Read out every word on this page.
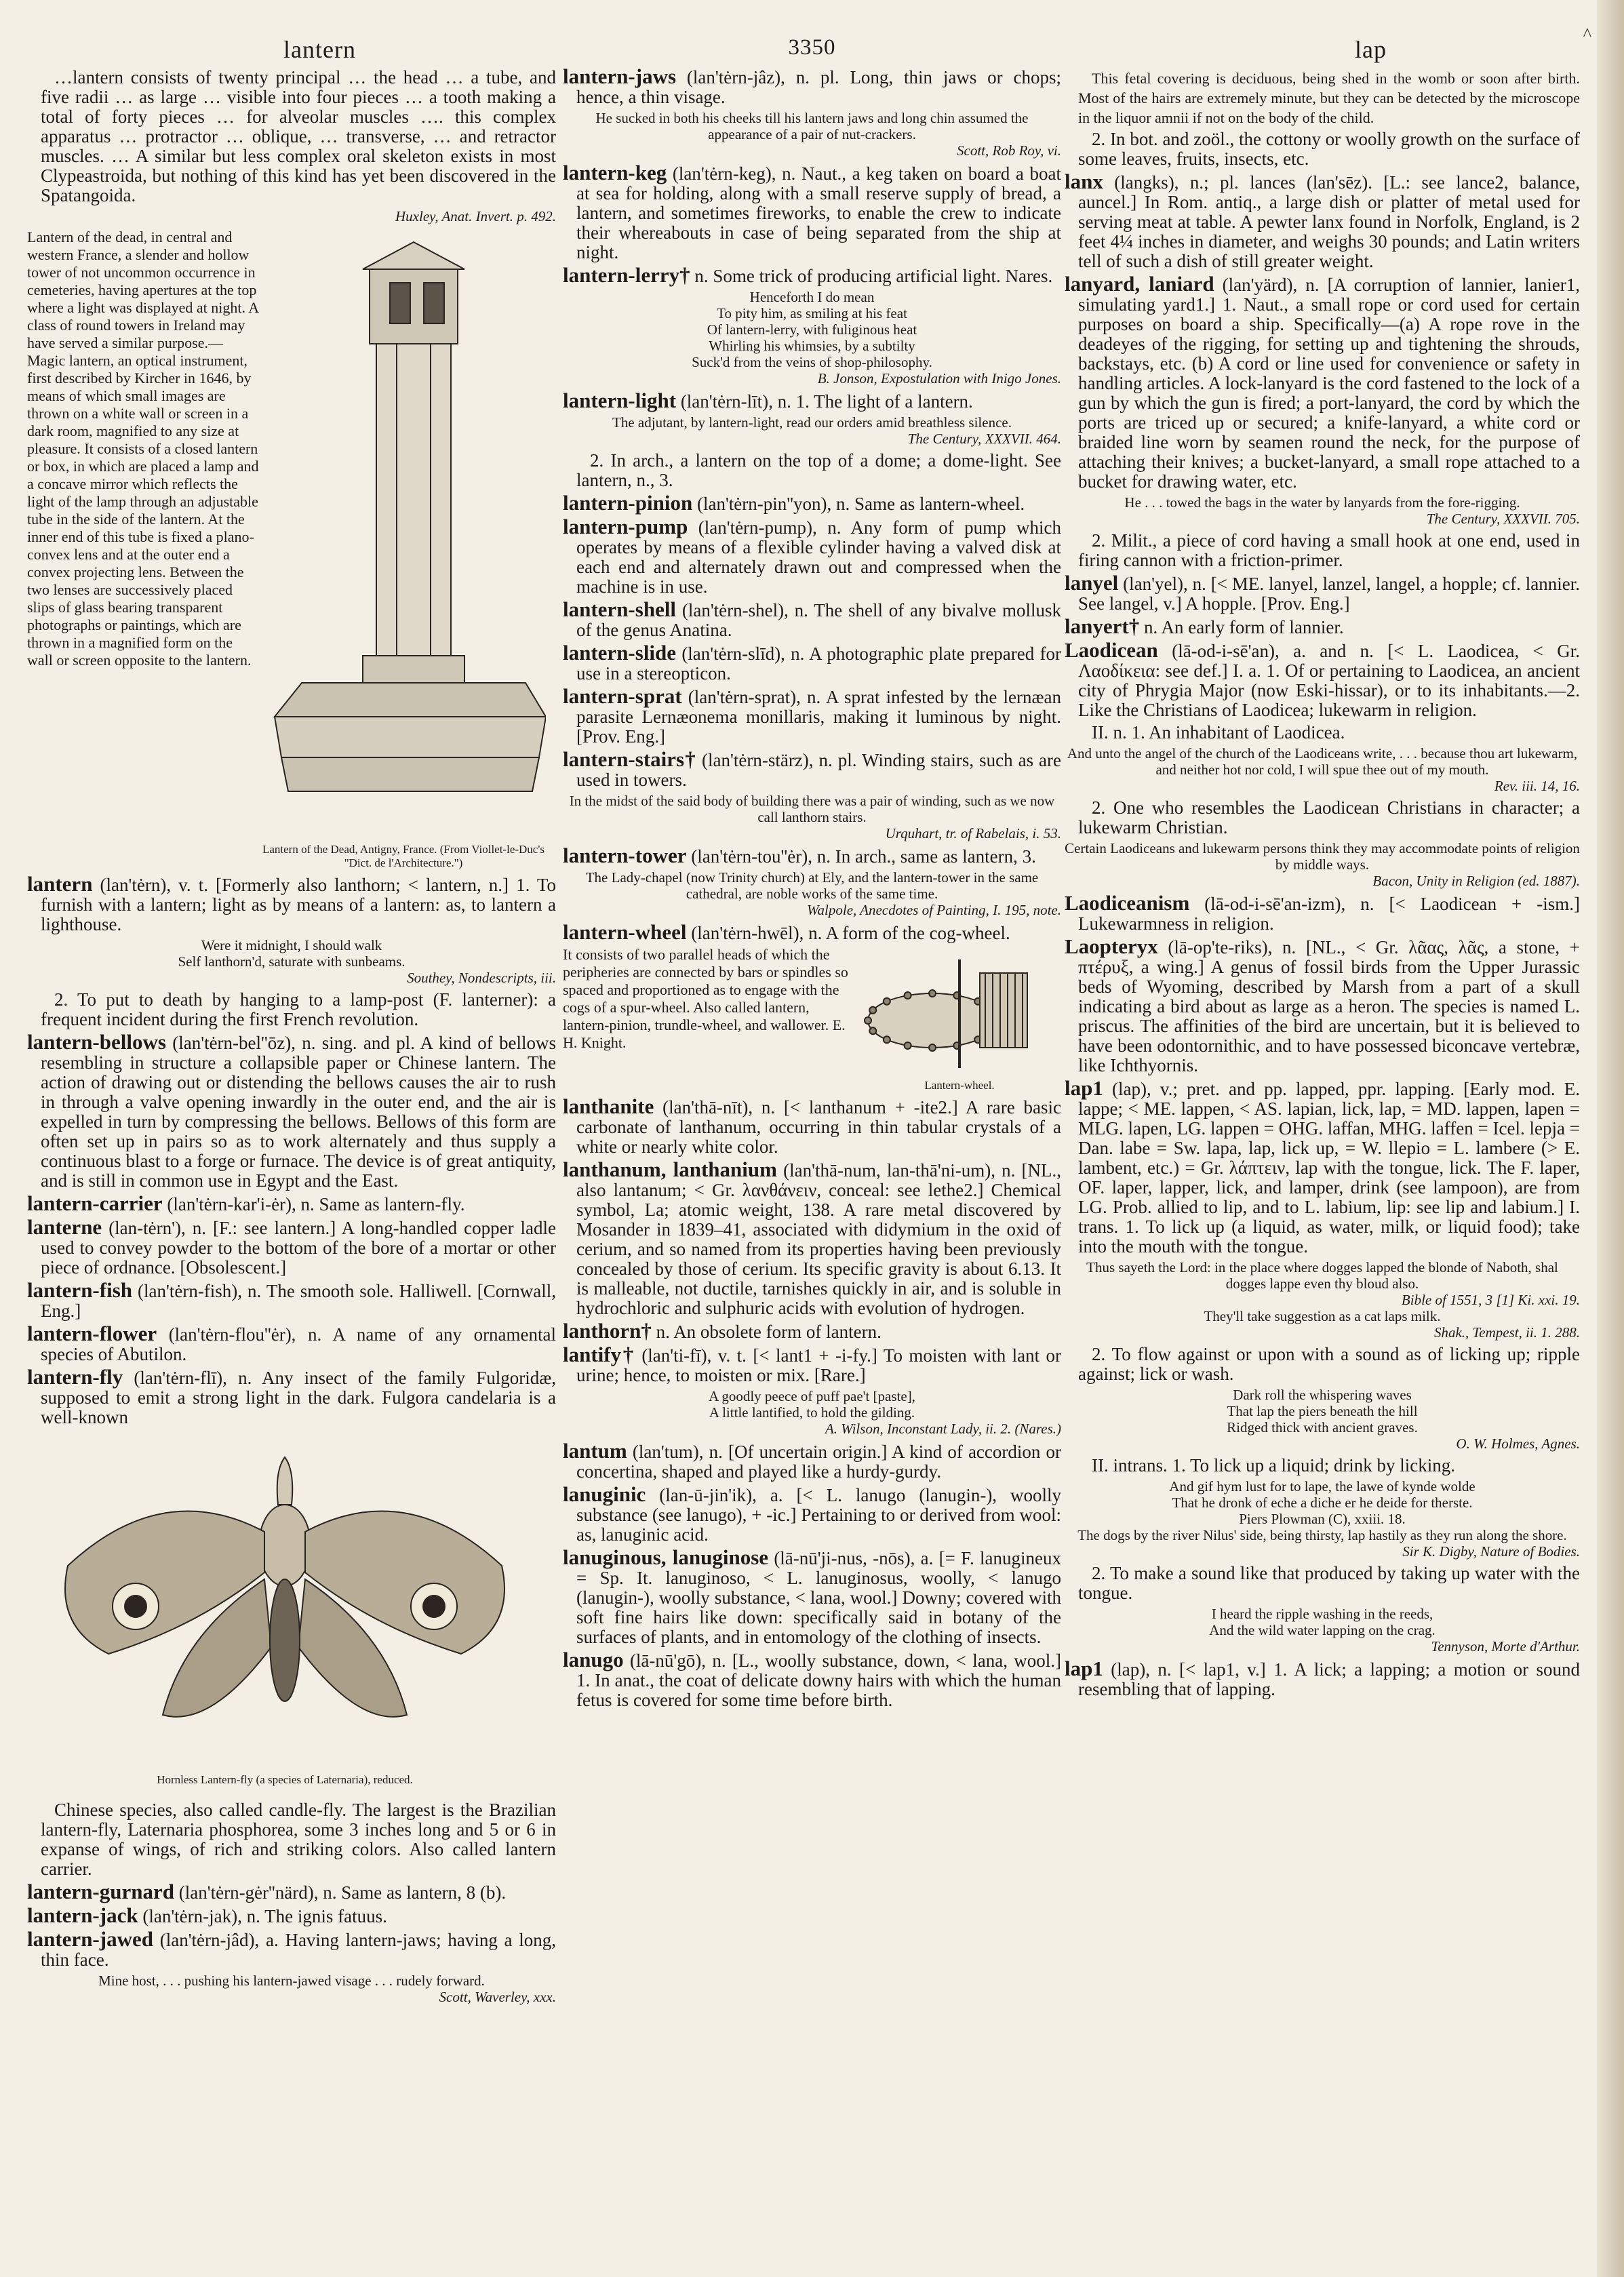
lantern	3350	lap
^
…lantern consists of twenty principal … the head … a tube, and five radii … as large … visible into four pieces … a tooth making a total of forty pieces … for alveolar muscles …. this complex apparatus … protractor … oblique, … transverse, … and retractor muscles. … A similar but less complex oral skeleton exists in most Clypeastroida, but nothing of this kind has yet been discovered in the Spatangoida.
Huxley, Anat. Invert. p. 492.
Lantern of the dead, in central and western France, a slender and hollow tower of not uncommon occurrence in cemeteries, having apertures at the top where a light was displayed at night. A class of round towers in Ireland may have served a similar purpose.— Magic lantern, an optical instrument, first described by Kircher in 1646, by means of which small images are thrown on a white wall or screen in a dark room, magnified to any size at pleasure. It consists of a closed lantern or box, in which are placed a lamp and a concave mirror which reflects the light of the lamp through an adjustable tube in the side of the lantern. At the inner end of this tube is fixed a plano-convex lens and at the outer end a convex projecting lens. Between the two lenses are successively placed slips of glass bearing transparent photographs or paintings, which are thrown in a magnified form on the wall or screen opposite to the lantern.
Lantern of the Dead, Antigny, France. (From Viollet-le-Duc's "Dict. de l'Architecture.")
lantern (lan'tėrn), v. t. [Formerly also lanthorn; < lantern, n.] 1. To furnish with a lantern; light as by means of a lantern: as, to lantern a lighthouse.
Were it midnight, I should walk
Self lanthorn'd, saturate with sunbeams.
Southey, Nondescripts, iii.
2. To put to death by hanging to a lamp-post (F. lanterner): a frequent incident during the first French revolution.
lantern-bellows (lan'tėrn-bel''ōz), n. sing. and pl. A kind of bellows resembling in structure a collapsible paper or Chinese lantern. The action of drawing out or distending the bellows causes the air to rush in through a valve opening inwardly in the outer end, and the air is expelled in turn by compressing the bellows. Bellows of this form are often set up in pairs so as to work alternately and thus supply a continuous blast to a forge or furnace. The device is of great antiquity, and is still in common use in Egypt and the East.
lantern-carrier (lan'tėrn-kar'i-ėr), n. Same as lantern-fly.
lanterne (lan-tėrn'), n. [F.: see lantern.] A long-handled copper ladle used to convey powder to the bottom of the bore of a mortar or other piece of ordnance. [Obsolescent.]
lantern-fish (lan'tėrn-fish), n. The smooth sole. Halliwell. [Cornwall, Eng.]
lantern-flower (lan'tėrn-flou''ėr), n. A name of any ornamental species of Abutilon.
lantern-fly (lan'tėrn-flī), n. Any insect of the family Fulgoridæ, supposed to emit a strong light in the dark. Fulgora candelaria is a well-known
Hornless Lantern-fly (a species of Laternaria), reduced.
Chinese species, also called candle-fly. The largest is the Brazilian lantern-fly, Laternaria phosphorea, some 3 inches long and 5 or 6 in expanse of wings, of rich and striking colors. Also called lantern carrier.
lantern-gurnard (lan'tėrn-gėr''närd), n. Same as lantern, 8 (b).
lantern-jack (lan'tėrn-jak), n. The ignis fatuus.
lantern-jawed (lan'tėrn-jâd), a. Having lantern-jaws; having a long, thin face.
Mine host, . . . pushing his lantern-jawed visage . . . rudely forward.
Scott, Waverley, xxx.
lantern-jaws (lan'tėrn-jâz), n. pl. Long, thin jaws or chops; hence, a thin visage.
He sucked in both his cheeks till his lantern jaws and long chin assumed the appearance of a pair of nut-crackers.
Scott, Rob Roy, vi.
lantern-keg (lan'tėrn-keg), n. Naut., a keg taken on board a boat at sea for holding, along with a small reserve supply of bread, a lantern, and sometimes fireworks, to enable the crew to indicate their whereabouts in case of being separated from the ship at night.
lantern-lerry† n. Some trick of producing artificial light. Nares.
Henceforth I do mean
To pity him, as smiling at his feat
Of lantern-lerry, with fuliginous heat
Whirling his whimsies, by a subtilty
Suck'd from the veins of shop-philosophy.
B. Jonson, Expostulation with Inigo Jones.
lantern-light (lan'tėrn-līt), n. 1. The light of a lantern.
The adjutant, by lantern-light, read our orders amid breathless silence.
The Century, XXXVII. 464.
2. In arch., a lantern on the top of a dome; a dome-light. See lantern, n., 3.
lantern-pinion (lan'tėrn-pin''yon), n. Same as lantern-wheel.
lantern-pump (lan'tėrn-pump), n. Any form of pump which operates by means of a flexible cylinder having a valved disk at each end and alternately drawn out and compressed when the machine is in use.
lantern-shell (lan'tėrn-shel), n. The shell of any bivalve mollusk of the genus Anatina.
lantern-slide (lan'tėrn-slīd), n. A photographic plate prepared for use in a stereopticon.
lantern-sprat (lan'tėrn-sprat), n. A sprat infested by the lernæan parasite Lernæonema monillaris, making it luminous by night. [Prov. Eng.]
lantern-stairs† (lan'tėrn-stärz), n. pl. Winding stairs, such as are used in towers.
In the midst of the said body of building there was a pair of winding, such as we now call lanthorn stairs.
Urquhart, tr. of Rabelais, i. 53.
lantern-tower (lan'tėrn-tou''ėr), n. In arch., same as lantern, 3.
The Lady-chapel (now Trinity church) at Ely, and the lantern-tower in the same cathedral, are noble works of the same time.
Walpole, Anecdotes of Painting, I. 195, note.
lantern-wheel (lan'tėrn-hwēl), n. A form of the cog-wheel.
It consists of two parallel heads of which the peripheries are connected by bars or spindles so spaced and proportioned as to engage with the cogs of a spur-wheel. Also called lantern, lantern-pinion, trundle-wheel, and wallower. E. H. Knight.
Lantern-wheel.
lanthanite (lan'thā-nīt), n. [< lanthanum + -ite2.] A rare basic carbonate of lanthanum, occurring in thin tabular crystals of a white or nearly white color.
lanthanum, lanthanium (lan'thā-num, lan-thā'ni-um), n. [NL., also lantanum; < Gr. λανθάνειν, conceal: see lethe2.] Chemical symbol, La; atomic weight, 138. A rare metal discovered by Mosander in 1839–41, associated with didymium in the oxid of cerium, and so named from its properties having been previously concealed by those of cerium. Its specific gravity is about 6.13. It is malleable, not ductile, tarnishes quickly in air, and is soluble in hydrochloric and sulphuric acids with evolution of hydrogen.
lanthorn† n. An obsolete form of lantern.
lantify† (lan'ti-fī), v. t. [< lant1 + -i-fy.] To moisten with lant or urine; hence, to moisten or mix. [Rare.]
A goodly peece of puff pae't [paste],
A little lantified, to hold the gilding.
A. Wilson, Inconstant Lady, ii. 2. (Nares.)
lantum (lan'tum), n. [Of uncertain origin.] A kind of accordion or concertina, shaped and played like a hurdy-gurdy.
lanuginic (lan-ū-jin'ik), a. [< L. lanugo (lanugin-), woolly substance (see lanugo), + -ic.] Pertaining to or derived from wool: as, lanuginic acid.
lanuginous, lanuginose (lā-nū'ji-nus, -nōs), a. [= F. lanugineux = Sp. It. lanuginoso, < L. lanuginosus, woolly, < lanugo (lanugin-), woolly substance, < lana, wool.] Downy; covered with soft fine hairs like down: specifically said in botany of the surfaces of plants, and in entomology of the clothing of insects.
lanugo (lā-nū'gō), n. [L., woolly substance, down, < lana, wool.] 1. In anat., the coat of delicate downy hairs with which the human fetus is covered for some time before birth.
This fetal covering is deciduous, being shed in the womb or soon after birth. Most of the hairs are extremely minute, but they can be detected by the microscope in the liquor amnii if not on the body of the child.
2. In bot. and zoöl., the cottony or woolly growth on the surface of some leaves, fruits, insects, etc.
lanx (langks), n.; pl. lances (lan'sēz). [L.: see lance2, balance, auncel.] In Rom. antiq., a large dish or platter of metal used for serving meat at table. A pewter lanx found in Norfolk, England, is 2 feet 4¼ inches in diameter, and weighs 30 pounds; and Latin writers tell of such a dish of still greater weight.
lanyard, laniard (lan'yärd), n. [A corruption of lannier, lanier1, simulating yard1.] 1. Naut., a small rope or cord used for certain purposes on board a ship. Specifically—(a) A rope rove in the deadeyes of the rigging, for setting up and tightening the shrouds, backstays, etc. (b) A cord or line used for convenience or safety in handling articles. A lock-lanyard is the cord fastened to the lock of a gun by which the gun is fired; a port-lanyard, the cord by which the ports are triced up or secured; a knife-lanyard, a white cord or braided line worn by seamen round the neck, for the purpose of attaching their knives; a bucket-lanyard, a small rope attached to a bucket for drawing water, etc.
He . . . towed the bags in the water by lanyards from the fore-rigging.
The Century, XXXVII. 705.
2. Milit., a piece of cord having a small hook at one end, used in firing cannon with a friction-primer.
lanyel (lan'yel), n. [< ME. lanyel, lanzel, langel, a hopple; cf. lannier. See langel, v.] A hopple. [Prov. Eng.]
lanyert† n. An early form of lannier.
Laodicean (lā-od-i-sē'an), a. and n. [< L. Laodicea, < Gr. Λαοδίκεια: see def.] I. a. 1. Of or pertaining to Laodicea, an ancient city of Phrygia Major (now Eski-hissar), or to its inhabitants.—2. Like the Christians of Laodicea; lukewarm in religion.
II. n. 1. An inhabitant of Laodicea.
And unto the angel of the church of the Laodiceans write, . . . because thou art lukewarm, and neither hot nor cold, I will spue thee out of my mouth.
Rev. iii. 14, 16.
2. One who resembles the Laodicean Christians in character; a lukewarm Christian.
Certain Laodiceans and lukewarm persons think they may accommodate points of religion by middle ways.
Bacon, Unity in Religion (ed. 1887).
Laodiceanism (lā-od-i-sē'an-izm), n. [< Laodicean + -ism.] Lukewarmness in religion.
Laopteryx (lā-op'te-riks), n. [NL., < Gr. λᾶας, λᾶς, a stone, + πτέρυξ, a wing.] A genus of fossil birds from the Upper Jurassic beds of Wyoming, described by Marsh from a part of a skull indicating a bird about as large as a heron. The species is named L. priscus. The affinities of the bird are uncertain, but it is believed to have been odontornithic, and to have possessed biconcave vertebræ, like Ichthyornis.
lap1 (lap), v.; pret. and pp. lapped, ppr. lapping. [Early mod. E. lappe; < ME. lappen, < AS. lapian, lick, lap, = MD. lappen, lapen = MLG. lapen, LG. lappen = OHG. laffan, MHG. laffen = Icel. lepja = Dan. labe = Sw. lapa, lap, lick up, = W. llepio = L. lambere (> E. lambent, etc.) = Gr. λάπτειν, lap with the tongue, lick. The F. laper, OF. laper, lapper, lick, and lamper, drink (see lampoon), are from LG. Prob. allied to lip, and to L. labium, lip: see lip and labium.] I. trans. 1. To lick up (a liquid, as water, milk, or liquid food); take into the mouth with the tongue.
Thus sayeth the Lord: in the place where dogges lapped the blonde of Naboth, shal dogges lappe even thy bloud also.
Bible of 1551, 3 [1] Ki. xxi. 19.
They'll take suggestion as a cat laps milk.
Shak., Tempest, ii. 1. 288.
2. To flow against or upon with a sound as of licking up; ripple against; lick or wash.
Dark roll the whispering waves
That lap the piers beneath the hill
Ridged thick with ancient graves.
O. W. Holmes, Agnes.
II. intrans. 1. To lick up a liquid; drink by licking.
And gif hym lust for to lape, the lawe of kynde wolde
That he dronk of eche a diche er he deide for therste.
Piers Plowman (C), xxiii. 18.
The dogs by the river Nilus' side, being thirsty, lap hastily as they run along the shore.
Sir K. Digby, Nature of Bodies.
2. To make a sound like that produced by taking up water with the tongue.
I heard the ripple washing in the reeds,
And the wild water lapping on the crag.
Tennyson, Morte d'Arthur.
lap1 (lap), n. [< lap1, v.] 1. A lick; a lapping; a motion or sound resembling that of lapping.
